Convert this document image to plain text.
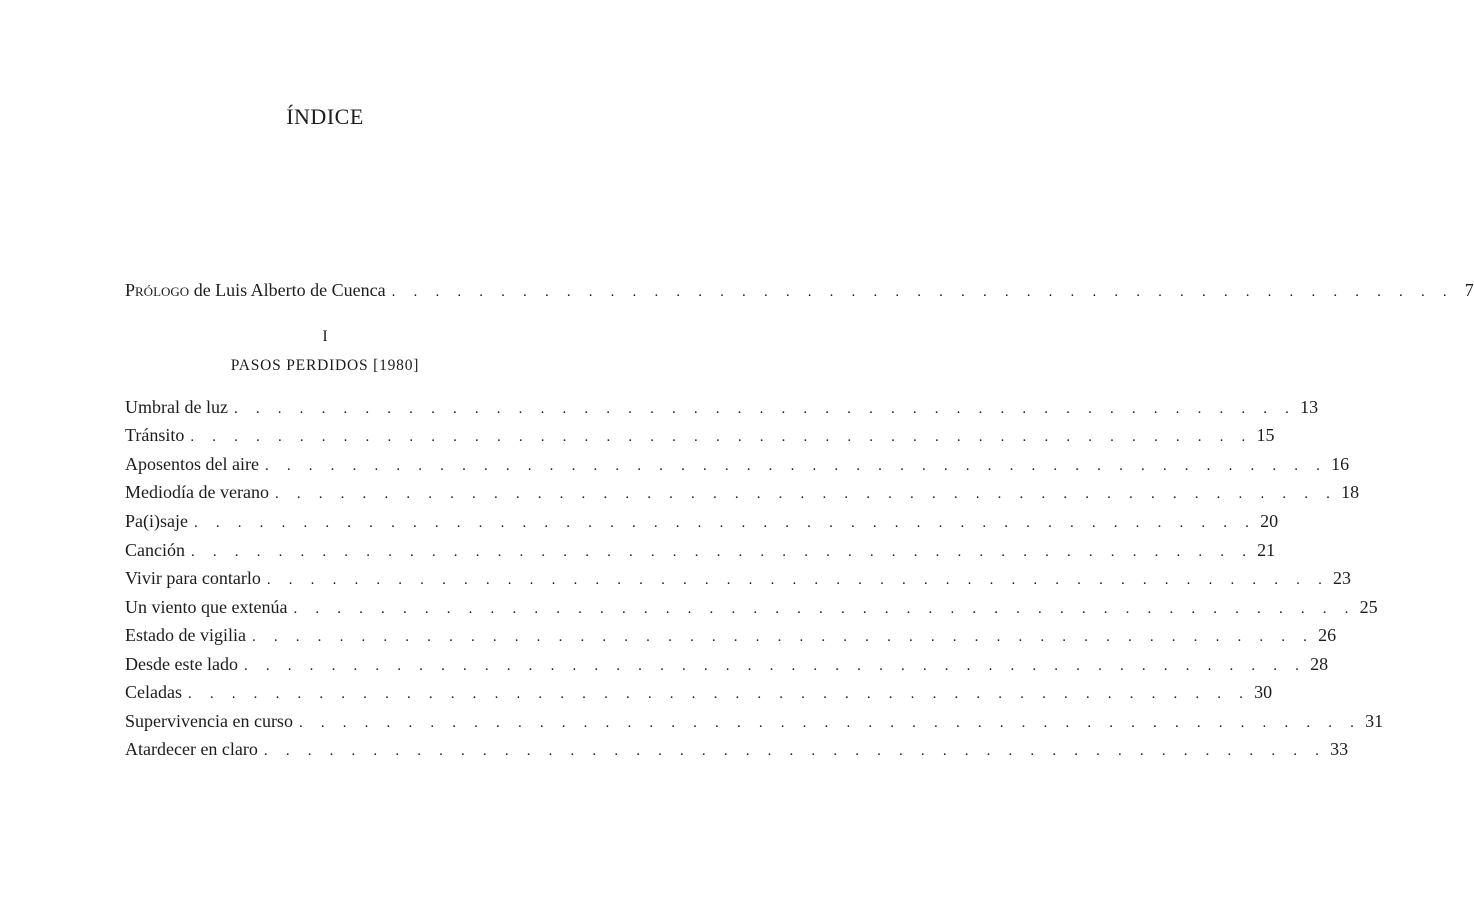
ÍNDICE
Prólogo de Luis Alberto de Cuenca . . . . . . . . . . . . . . . . . . . . . . . . . . . . . . . . . . . . . . . . . . . . . . . . . 7
I
PASOS PERDIDOS [1980]
Umbral de luz . . . . . . . . . . . . . . . . . . . . . . . . . . . . . . . . . . . . . . . . . . . . . . . . . 13
Tránsito . . . . . . . . . . . . . . . . . . . . . . . . . . . . . . . . . . . . . . . . . . . . . . . . . 15
Aposentos del aire . . . . . . . . . . . . . . . . . . . . . . . . . . . . . . . . . . . . . . . . . . . . . . . . . 16
Mediodía de verano . . . . . . . . . . . . . . . . . . . . . . . . . . . . . . . . . . . . . . . . . . . . . . . . . 18
Pa(i)saje . . . . . . . . . . . . . . . . . . . . . . . . . . . . . . . . . . . . . . . . . . . . . . . . . 20
Canción . . . . . . . . . . . . . . . . . . . . . . . . . . . . . . . . . . . . . . . . . . . . . . . . . 21
Vivir para contarlo . . . . . . . . . . . . . . . . . . . . . . . . . . . . . . . . . . . . . . . . . . . . . . . . . 23
Un viento que extenúa . . . . . . . . . . . . . . . . . . . . . . . . . . . . . . . . . . . . . . . . . . . . . . . . . 25
Estado de vigilia . . . . . . . . . . . . . . . . . . . . . . . . . . . . . . . . . . . . . . . . . . . . . . . . . 26
Desde este lado . . . . . . . . . . . . . . . . . . . . . . . . . . . . . . . . . . . . . . . . . . . . . . . . . 28
Celadas . . . . . . . . . . . . . . . . . . . . . . . . . . . . . . . . . . . . . . . . . . . . . . . . . 30
Supervivencia en curso . . . . . . . . . . . . . . . . . . . . . . . . . . . . . . . . . . . . . . . . . . . . . . . . . 31
Atardecer en claro . . . . . . . . . . . . . . . . . . . . . . . . . . . . . . . . . . . . . . . . . . . . . . . . . 33
